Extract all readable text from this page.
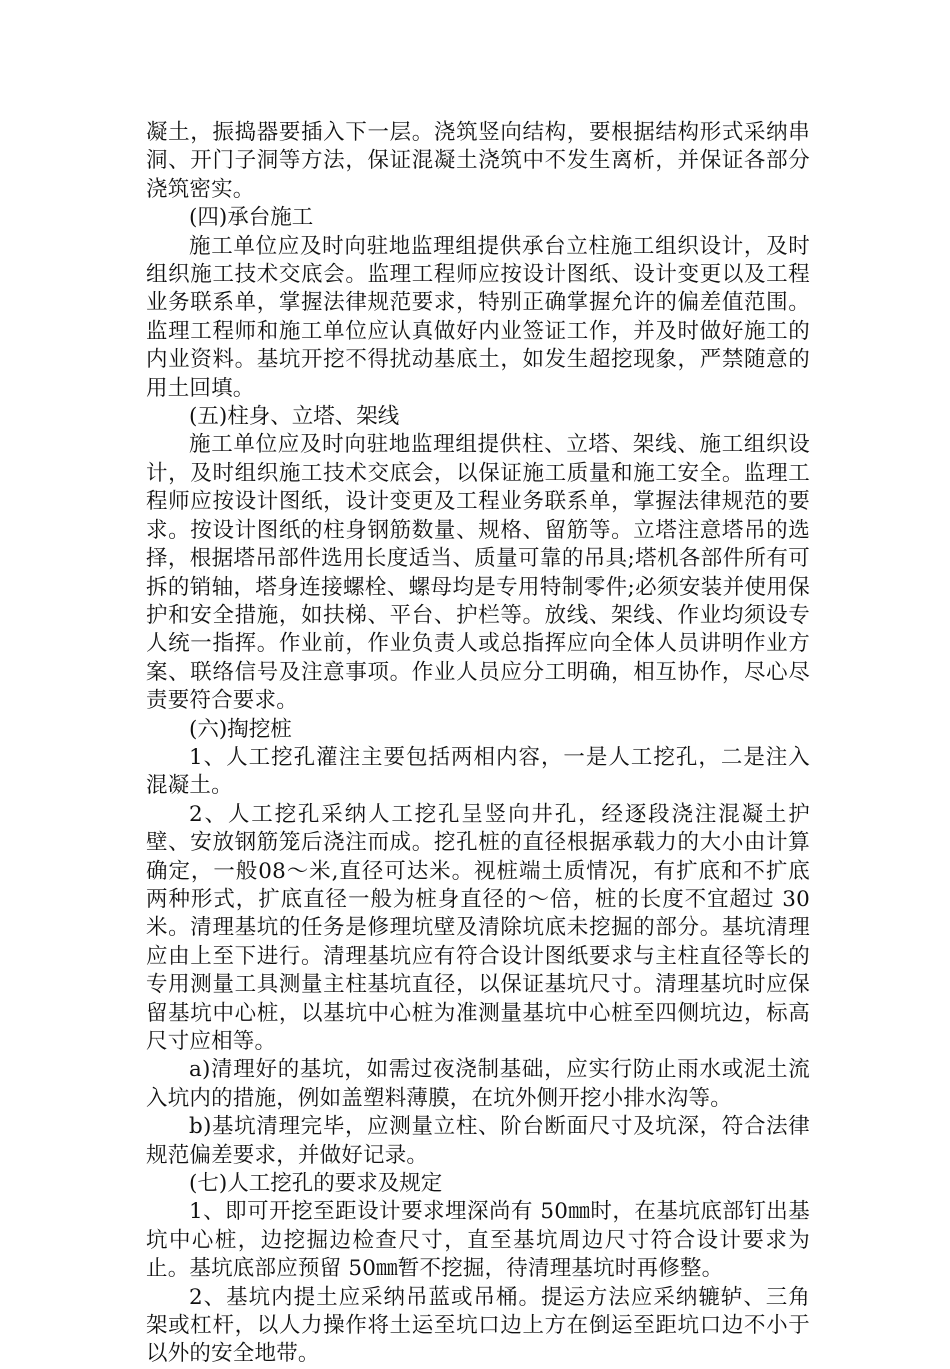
凝土，振捣器要插入下一层。浇筑竖向结构，要根据结构形式采纳串洞、开门子洞等方法，保证混凝土浇筑中不发生离析，并保证各部分浇筑密实。

(四)承台施工

施工单位应及时向驻地监理组提供承台立柱施工组织设计，及时组织施工技术交底会。监理工程师应按设计图纸、设计变更以及工程业务联系单，掌握法律规范要求，特别正确掌握允许的偏差值范围。监理工程师和施工单位应认真做好内业签证工作，并及时做好施工的内业资料。基坑开挖不得扰动基底土，如发生超挖现象，严禁随意的用土回填。

(五)柱身、立塔、架线

施工单位应及时向驻地监理组提供柱、立塔、架线、施工组织设计，及时组织施工技术交底会，以保证施工质量和施工安全。监理工程师应按设计图纸，设计变更及工程业务联系单，掌握法律规范的要求。按设计图纸的柱身钢筋数量、规格、留筋等。立塔注意塔吊的选择，根据塔吊部件选用长度适当、质量可靠的吊具;塔机各部件所有可拆的销轴，塔身连接螺栓、螺母均是专用特制零件;必须安装并使用保护和安全措施，如扶梯、平台、护栏等。放线、架线、作业均须设专人统一指挥。作业前，作业负责人或总指挥应向全体人员讲明作业方案、联络信号及注意事项。作业人员应分工明确，相互协作，尽心尽责要符合要求。

(六)掏挖桩

1、人工挖孔灌注主要包括两相内容，一是人工挖孔，二是注入混凝土。

2、人工挖孔采纳人工挖孔呈竖向井孔，经逐段浇注混凝土护壁、安放钢筋笼后浇注而成。挖孔桩的直径根据承载力的大小由计算确定，一般08～米,直径可达米。视桩端土质情况，有扩底和不扩底两种形式，扩底直径一般为桩身直径的～倍，桩的长度不宜超过 30米。清理基坑的任务是修理坑壁及清除坑底未挖掘的部分。基坑清理应由上至下进行。清理基坑应有符合设计图纸要求与主柱直径等长的专用测量工具测量主柱基坑直径，以保证基坑尺寸。清理基坑时应保留基坑中心桩，以基坑中心桩为准测量基坑中心桩至四侧坑边，标高尺寸应相等。

a)清理好的基坑，如需过夜浇制基础，应实行防止雨水或泥土流入坑内的措施，例如盖塑料薄膜，在坑外侧开挖小排水沟等。

b)基坑清理完毕，应测量立柱、阶台断面尺寸及坑深，符合法律规范偏差要求，并做好记录。

(七)人工挖孔的要求及规定

1、即可开挖至距设计要求埋深尚有 50㎜时，在基坑底部钉出基坑中心桩，边挖掘边检查尺寸，直至基坑周边尺寸符合设计要求为止。基坑底部应预留 50㎜暂不挖掘，待清理基坑时再修整。

2、基坑内提土应采纳吊蓝或吊桶。提运方法应采纳辘轳、三角架或杠杆，以人力操作将土运至坑口边上方在倒运至距坑口边不小于以外的安全地带。
